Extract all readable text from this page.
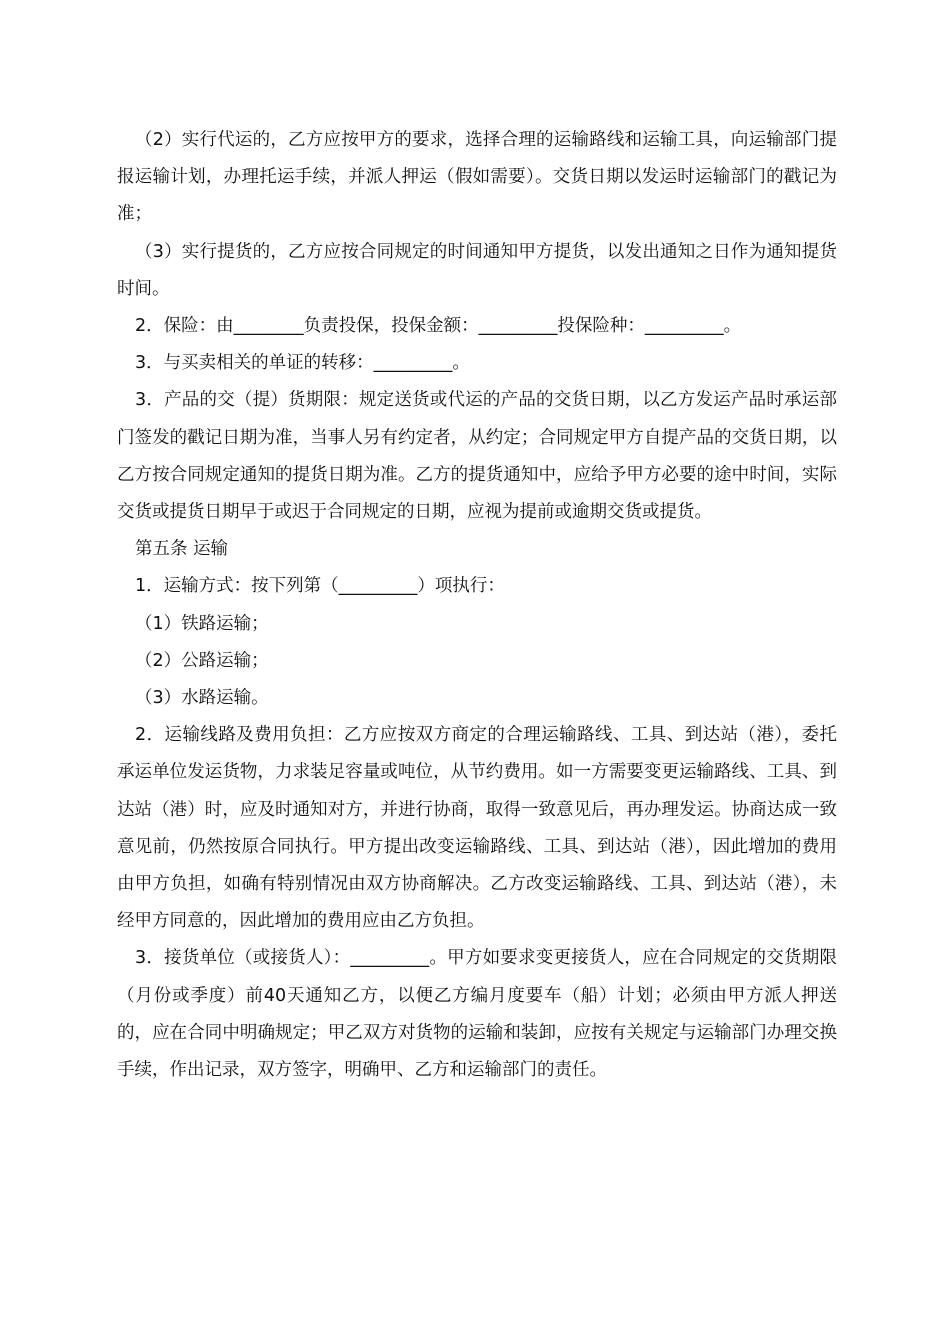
（2）实行代运的，乙方应按甲方的要求，选择合理的运输路线和运输工具，向运输部门提报运输计划，办理托运手续，并派人押运（假如需要）。交货日期以发运时运输部门的戳记为准；

（3）实行提货的，乙方应按合同规定的时间通知甲方提货，以发出通知之日作为通知提货时间。

2．保险：由________负责投保，投保金额：_________投保险种：_________。

3．与买卖相关的单证的转移：_________。

3．产品的交（提）货期限：规定送货或代运的产品的交货日期，以乙方发运产品时承运部门签发的戳记日期为准，当事人另有约定者，从约定；合同规定甲方自提产品的交货日期，以乙方按合同规定通知的提货日期为准。乙方的提货通知中，应给予甲方必要的途中时间，实际交货或提货日期早于或迟于合同规定的日期，应视为提前或逾期交货或提货。

第五条 运输

1．运输方式：按下列第（_________）项执行：

（1）铁路运输；

（2）公路运输；

（3）水路运输。

2．运输线路及费用负担：乙方应按双方商定的合理运输路线、工具、到达站（港），委托承运单位发运货物，力求装足容量或吨位，从节约费用。如一方需要变更运输路线、工具、到达站（港）时，应及时通知对方，并进行协商，取得一致意见后，再办理发运。协商达成一致意见前，仍然按原合同执行。甲方提出改变运输路线、工具、到达站（港），因此增加的费用由甲方负担，如确有特别情况由双方协商解决。乙方改变运输路线、工具、到达站（港），未经甲方同意的，因此增加的费用应由乙方负担。

3．接货单位（或接货人）：_________。甲方如要求变更接货人，应在合同规定的交货期限（月份或季度）前40天通知乙方，以便乙方编月度要车（船）计划；必须由甲方派人押送的，应在合同中明确规定；甲乙双方对货物的运输和装卸，应按有关规定与运输部门办理交换手续，作出记录，双方签字，明确甲、乙方和运输部门的责任。
